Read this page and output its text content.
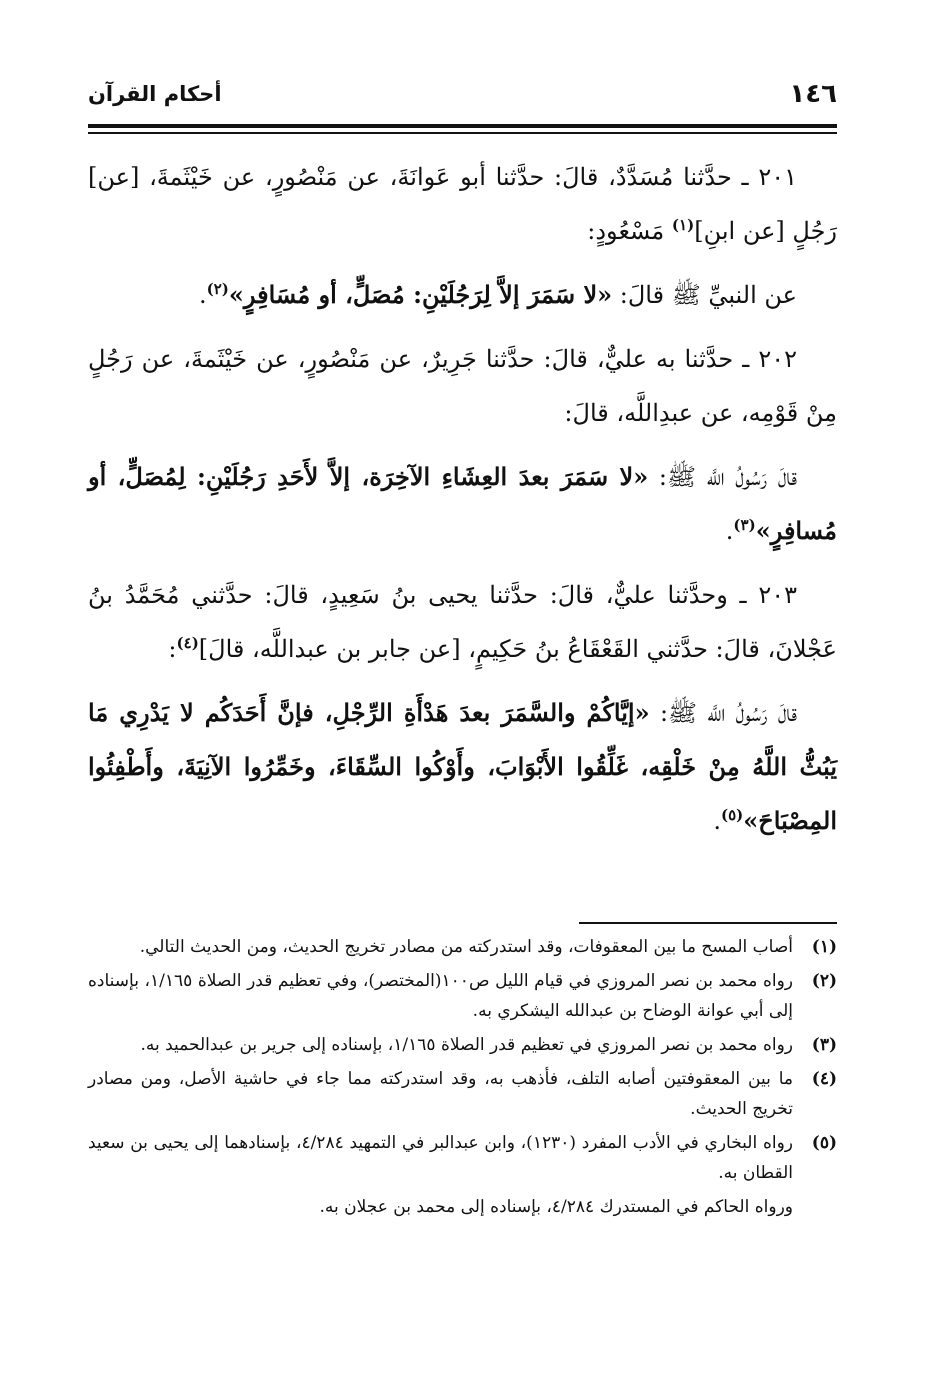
١٤٦
أحكام القرآن

٢٠١ ـ حدَّثنا مُسَدَّدٌ، قالَ: حدَّثنا أبو عَوانَةَ، عن مَنْصُورٍ، عن خَيْثَمةَ، [عن] رَجُلٍ [عن ابنِ]$^{(١)}$ مَسْعُودٍ:

عن النبيِّ ﷺ قالَ: «لا سَمَرَ إلاَّ لِرَجُلَيْنِ: مُصَلٍّ، أو مُسَافِرٍ»$^{(٢)}$.

٢٠٢ ـ حدَّثنا به عليٌّ، قالَ: حدَّثنا جَرِيرٌ، عن مَنْصُورٍ، عن خَيْثَمةَ، عن رَجُلٍ مِنْ قَوْمِه، عن عبدِاللَّه، قالَ:

قالَ رَسُولُ اللَّه ﷺ: «لا سَمَرَ بعدَ العِشَاءِ الآخِرَة، إلاَّ لأَحَدِ رَجُلَيْنِ: لِمُصَلٍّ، أو مُسافِرٍ»$^{(٣)}$.

٢٠٣ ـ وحدَّثنا عليٌّ، قالَ: حدَّثنا يحيى بنُ سَعِيدٍ، قالَ: حدَّثني مُحَمَّدُ بنُ عَجْلانَ، قالَ: حدَّثني القَعْقَاعُ بنُ حَكِيمٍ، [عن جابر بن عبداللَّه، قالَ]$^{(٤)}$:

قالَ رَسُولُ اللَّه ﷺ: «إيَّاكُمْ والسَّمَرَ بعدَ هَدْأَةِ الرِّجْلِ، فإنَّ أَحَدَكُم لا يَدْرِي مَا يَبُثُّ اللَّهُ مِنْ خَلْقِه، غَلِّقُوا الأَبْوَابَ، وأَوْكُوا السِّقَاءَ، وخَمِّرُوا الآنِيَةَ، وأَطْفِئُوا المِصْبَاحَ»$^{(٥)}$.

(١)
أصاب المسح ما بين المعقوفات، وقد استدركته من مصادر تخريج الحديث، ومن الحديث التالي.
(٢)
رواه محمد بن نصر المروزي في قيام الليل ص١٠٠(المختصر)، وفي تعظيم قدر الصلاة ١/١٦٥، بإسناده إلى أبي عوانة الوضاح بن عبدالله اليشكري به.
(٣)
رواه محمد بن نصر المروزي في تعظيم قدر الصلاة ١/١٦٥، بإسناده إلى جرير بن عبدالحميد به.
(٤)
ما بين المعقوفتين أصابه التلف، فأذهب به، وقد استدركته مما جاء في حاشية الأصل، ومن مصادر تخريج الحديث.
(٥)
رواه البخاري في الأدب المفرد (١٢٣٠)، وابن عبدالبر في التمهيد ٤/٢٨٤، بإسنادهما إلى يحيى بن سعيد القطان به.
ورواه الحاكم في المستدرك ٤/٢٨٤، بإسناده إلى محمد بن عجلان به.
